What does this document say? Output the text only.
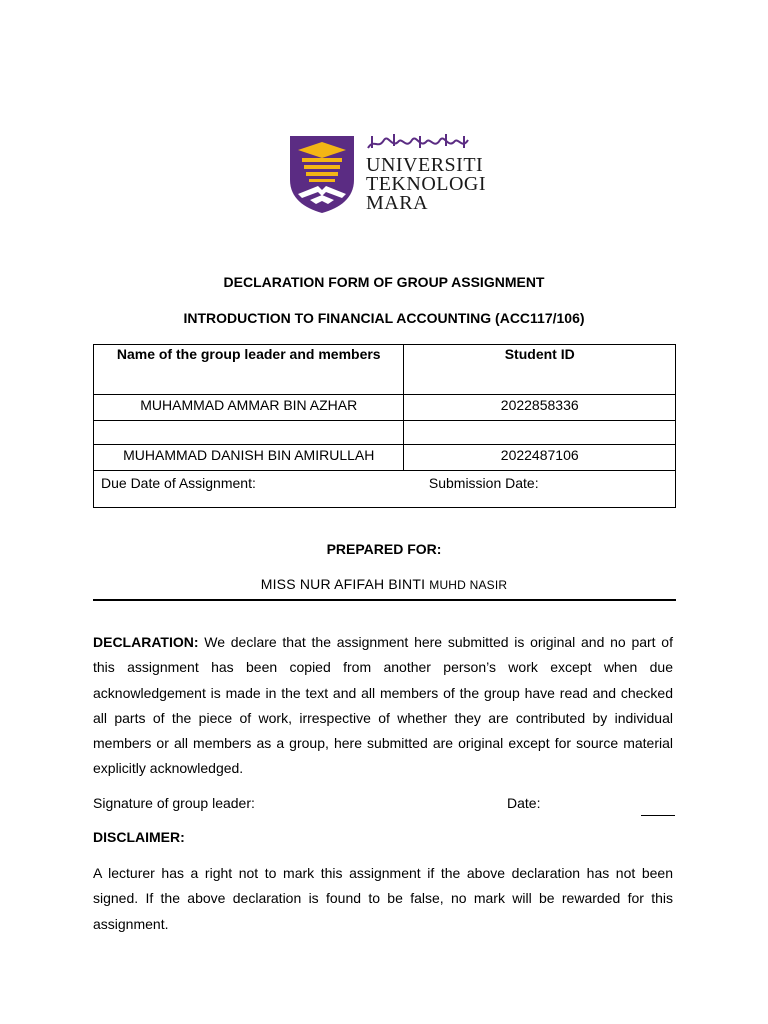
UNIVERSITI
TEKNOLOGI
MARA
DECLARATION FORM OF GROUP ASSIGNMENT
INTRODUCTION TO FINANCIAL ACCOUNTING (ACC117/106)
Name of the group leader and members	Student ID
MUHAMMAD AMMAR BIN AZHAR	2022858336

MUHAMMAD DANISH BIN AMIRULLAH	2022487106
Due Date of Assignment: Submission Date:	
PREPARED FOR:
MISS NUR AFIFAH BINTI MUHD NASIR
DECLARATION: We declare that the assignment here submitted is original and no part of this assignment has been copied from another person’s work except when due acknowledgement is made in the text and all members of the group have read and checked all parts of the piece of work, irrespective of whether they are contributed by individual members or all members as a group, here submitted are original except for source material explicitly acknowledged.
Signature of group leader:	Date:
DISCLAIMER:
A lecturer has a right not to mark this assignment if the above declaration has not been signed. If the above declaration is found to be false, no mark will be rewarded for this assignment.
